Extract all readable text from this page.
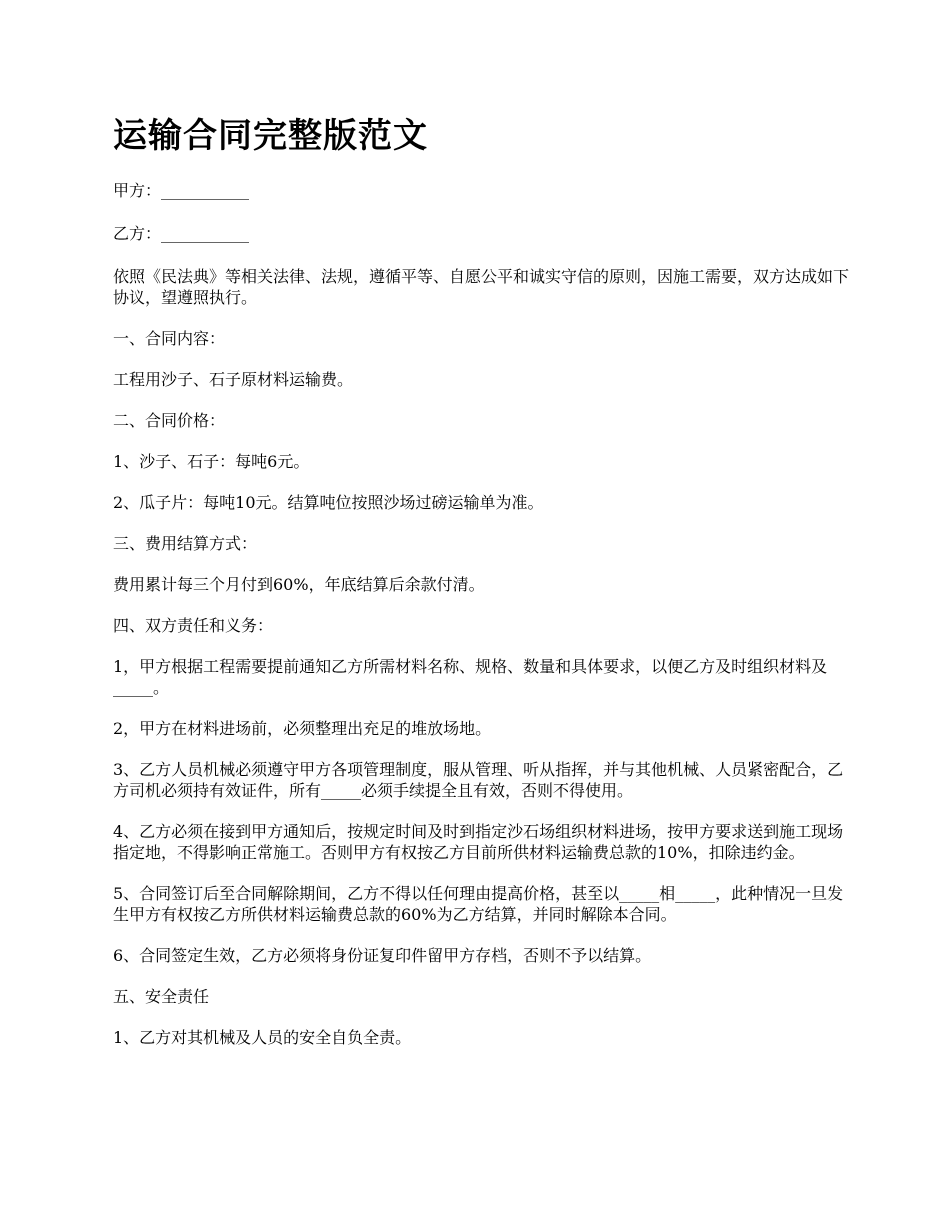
运输合同完整版范文

甲方：___________

乙方：___________

依照《民法典》等相关法律、法规，遵循平等、自愿公平和诚实守信的原则，因施工需要，双方达成如下协议，望遵照执行。

一、合同内容：

工程用沙子、石子原材料运输费。

二、合同价格：

1、沙子、石子：每吨6元。

2、瓜子片：每吨10元。结算吨位按照沙场过磅运输单为准。

三、费用结算方式：

费用累计每三个月付到60%，年底结算后余款付清。

四、双方责任和义务：

1，甲方根据工程需要提前通知乙方所需材料名称、规格、数量和具体要求，以便乙方及时组织材料及_____。

2，甲方在材料进场前，必须整理出充足的堆放场地。

3、乙方人员机械必须遵守甲方各项管理制度，服从管理、听从指挥，并与其他机械、人员紧密配合，乙方司机必须持有效证件，所有_____必须手续提全且有效，否则不得使用。

4、乙方必须在接到甲方通知后，按规定时间及时到指定沙石场组织材料进场，按甲方要求送到施工现场指定地，不得影响正常施工。否则甲方有权按乙方目前所供材料运输费总款的10%，扣除违约金。

5、合同签订后至合同解除期间，乙方不得以任何理由提高价格，甚至以_____相_____，此种情况一旦发生甲方有权按乙方所供材料运输费总款的60%为乙方结算，并同时解除本合同。

6、合同签定生效，乙方必须将身份证复印件留甲方存档，否则不予以结算。

五、安全责任

1、乙方对其机械及人员的安全自负全责。
